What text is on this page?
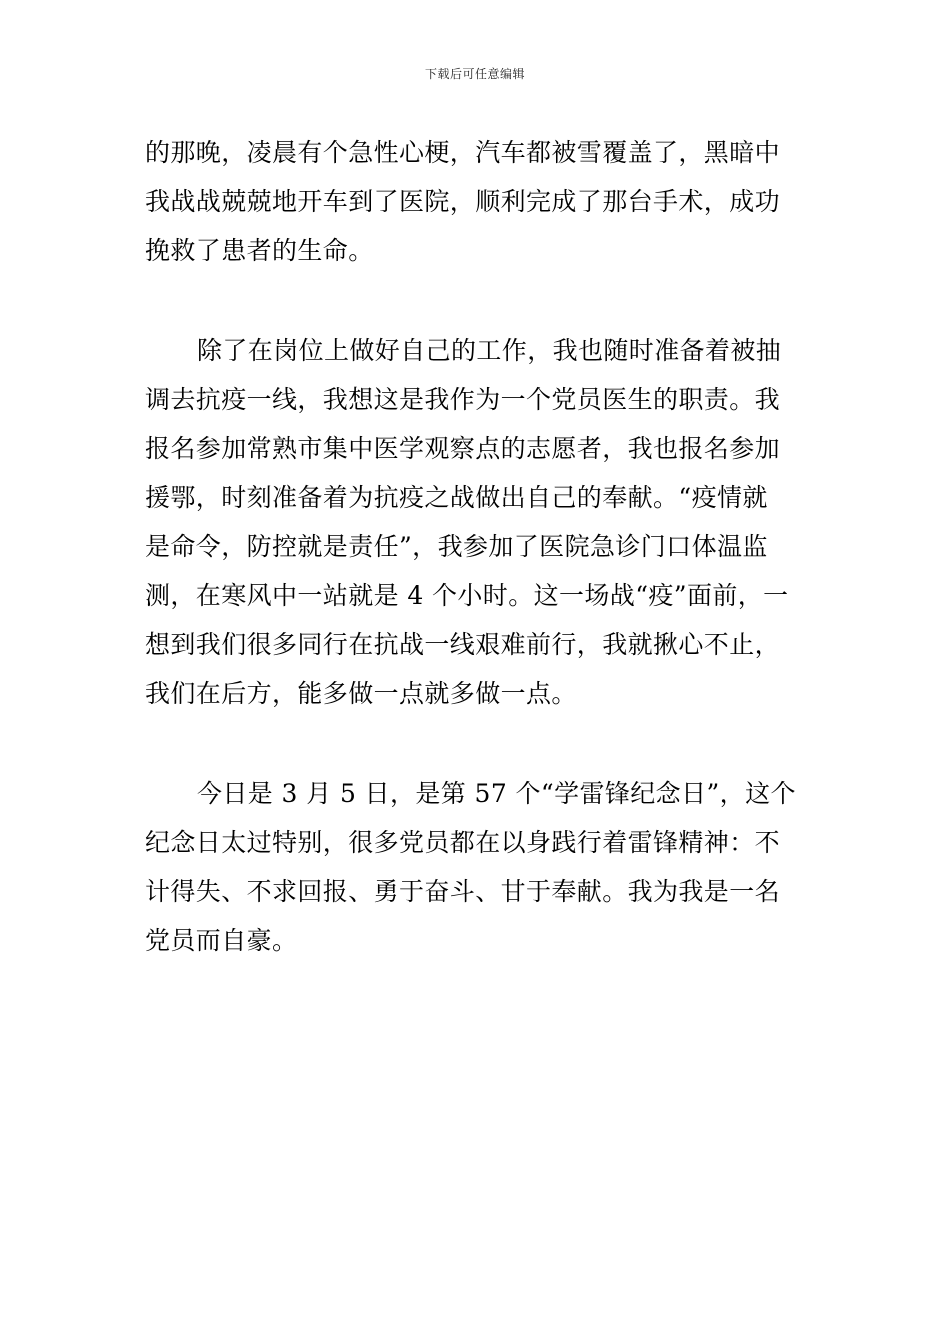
下载后可任意编辑
的那晚，凌晨有个急性心梗，汽车都被雪覆盖了，黑暗中
我战战兢兢地开车到了医院，顺利完成了那台手术，成功
挽救了患者的生命。
除了在岗位上做好自己的工作，我也随时准备着被抽
调去抗疫一线，我想这是我作为一个党员医生的职责。我
报名参加常熟市集中医学观察点的志愿者，我也报名参加
援鄂，时刻准备着为抗疫之战做出自己的奉献。“疫情就
是命令，防控就是责任”，我参加了医院急诊门口体温监
测，在寒风中一站就是 4 个小时。这一场战“疫”面前，一
想到我们很多同行在抗战一线艰难前行，我就揪心不止，
我们在后方，能多做一点就多做一点。
今日是 3 月 5 日，是第 57 个“学雷锋纪念日”，这个
纪念日太过特别，很多党员都在以身践行着雷锋精神：不
计得失、不求回报、勇于奋斗、甘于奉献。我为我是一名
党员而自豪。
